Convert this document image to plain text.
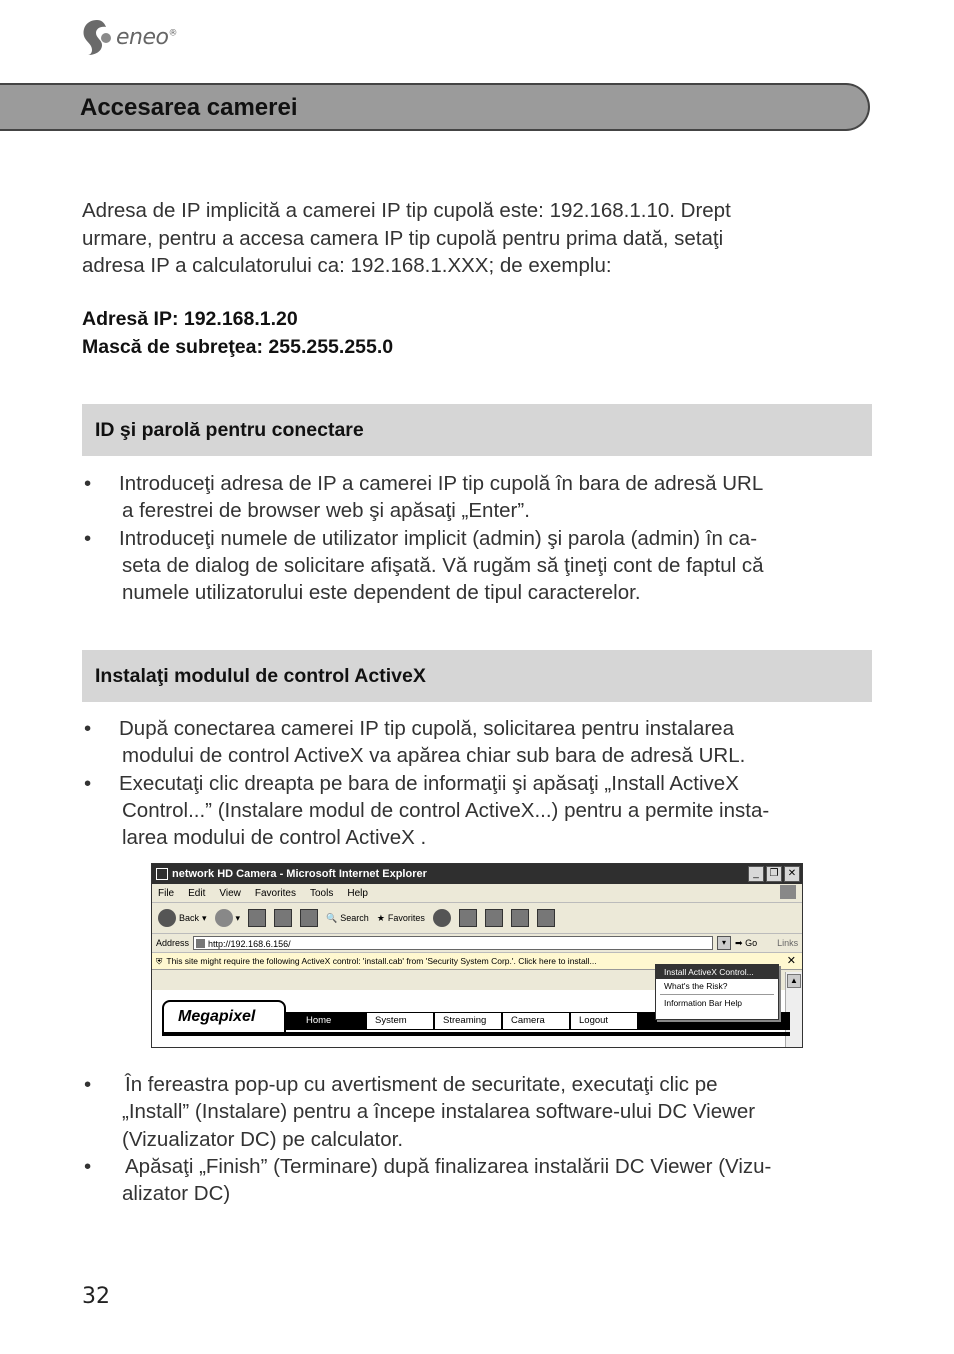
eneo®
Accesarea camerei

Adresa de IP implicită a camerei IP tip cupolă este: 192.168.1.10. Drept

urmare, pentru a accesa camera IP tip cupolă pentru prima dată, setaţi

adresa IP a calculatorului ca: 192.168.1.XXX; de exemplu:

Adresă IP: 192.168.1.20
Mască de subreţea: 255.255.255.0
ID şi parolă pentru conectare
• Introduceţi adresa de IP a camerei IP tip cupolă în bara de adresă URL
a ferestrei de browser web şi apăsaţi „Enter”.
• Introduceţi numele de utilizator implicit (admin) şi parola (admin) în ca-
seta de dialog de solicitare afişată. Vă rugăm să ţineţi cont de faptul că
numele utilizatorului este dependent de tipul caracterelor.
Instalaţi modulul de control ActiveX
• După conectarea camerei IP tip cupolă, solicitarea pentru instalarea
modului de control ActiveX va apărea chiar sub bara de adresă URL.
• Executaţi clic dreapta pe bara de informaţii şi apăsaţi „Install ActiveX
Control...” (Instalare modul de control ActiveX...) pentru a permite insta-
larea modului de control ActiveX .
network HD Camera - Microsoft Internet Explorer	_	❐ ✕
File Edit View Favorites Tools Help
Back ▾	▾	🔍 Search ★ Favorites
Address	http://192.168.6.156/	▾	➡ Go Links
⛨ This site might require the following ActiveX control: 'install.cab' from 'Security System Corp.'. Click here to install...	✕
▲
Install ActiveX Control...
What's the Risk?
Information Bar Help
Megapixel	Home	System	Streaming	Camera	Logout
• În fereastra pop-up cu avertisment de securitate, executaţi clic pe
„Install” (Instalare) pentru a începe instalarea software-ului DC Viewer
(Vizualizator DC) pe calculator.
• Apăsaţi „Finish” (Terminare) după finalizarea instalării DC Viewer (Vizu-
alizator DC)
32
